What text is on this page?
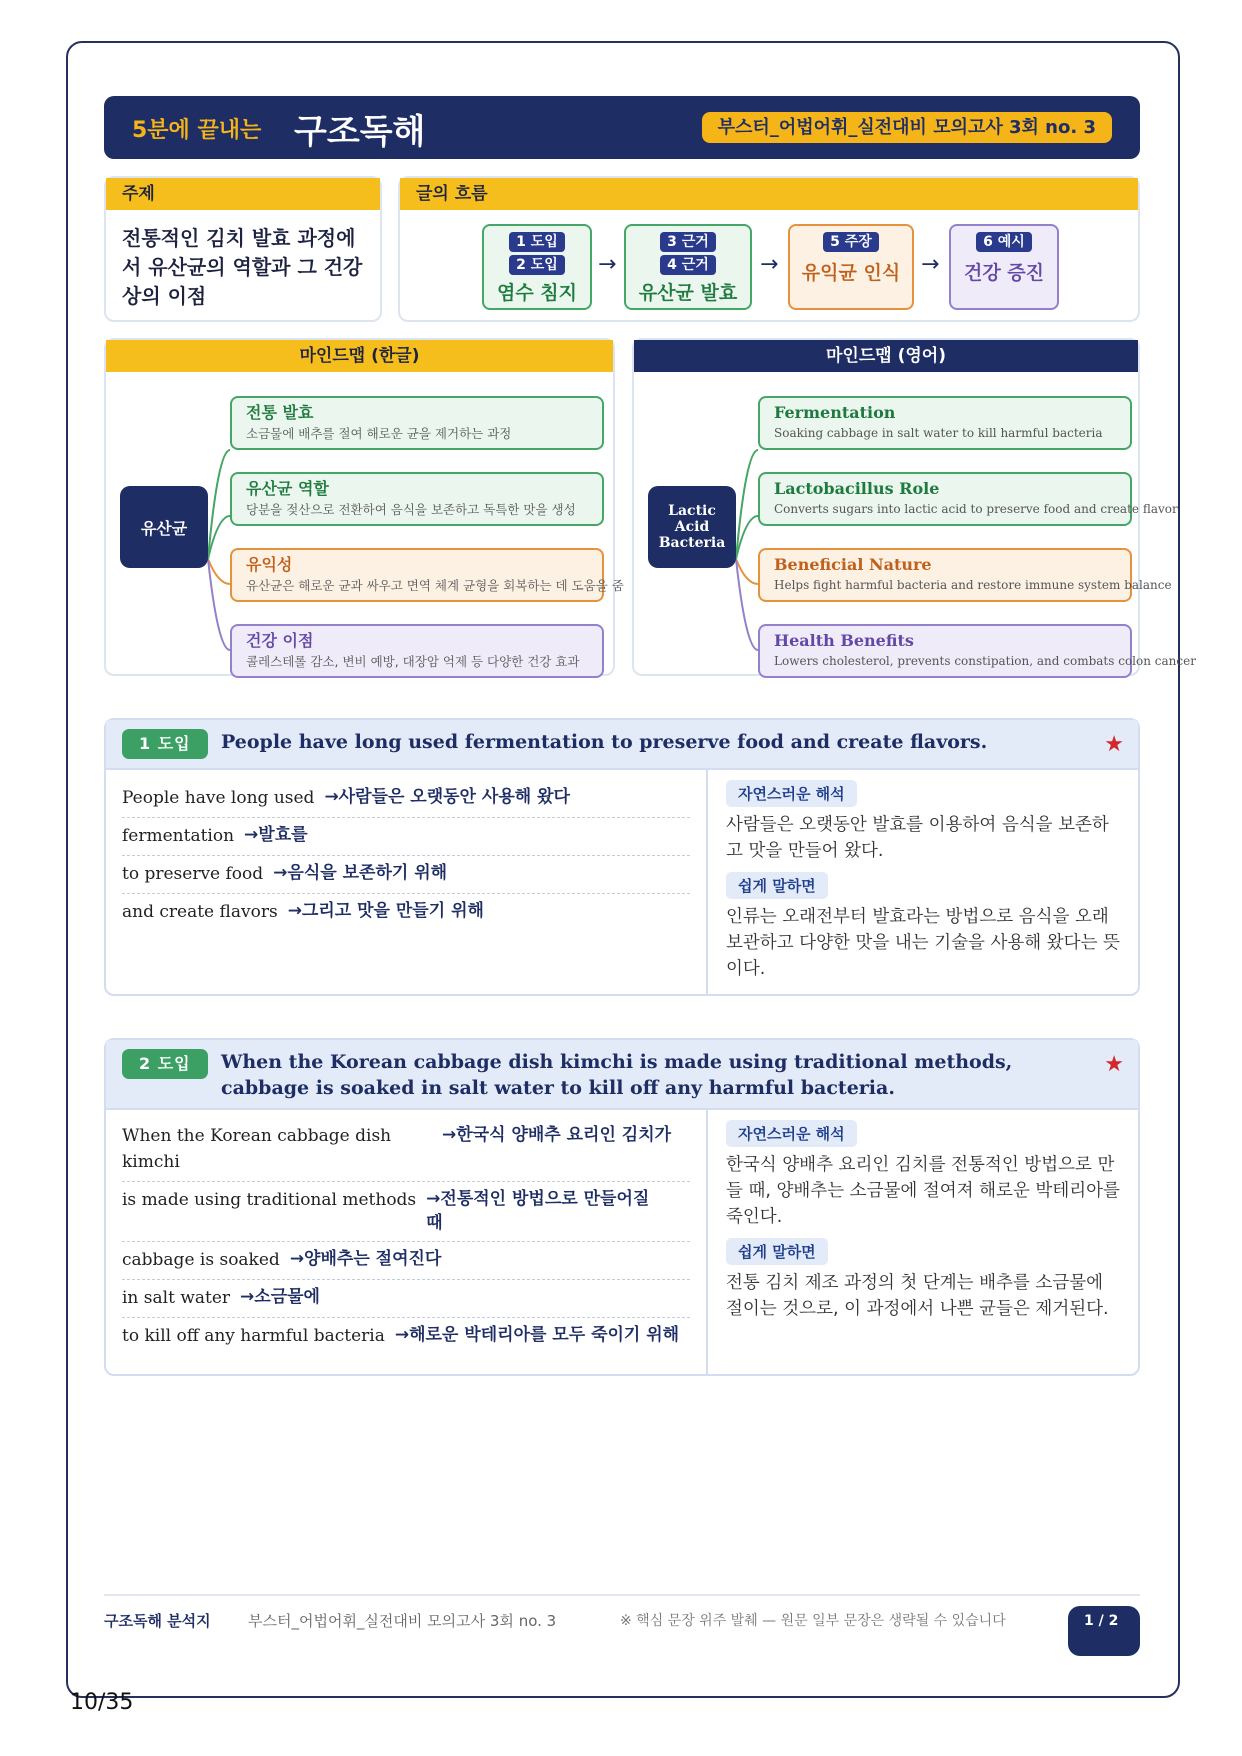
10/35
5분에 끝내는 구조독해	부스터_어법어휘_실전대비 모의고사 3회 no. 3
주제
전통적인 김치 발효 과정에서 유산균의 역할과 그 건강상의 이점
글의 흐름
1 도입
2 도입
염수 침지
→
3 근거
4 근거
유산균 발효
→
5 주장
유익균 인식 →
6 예시
건강 증진
마인드맵 (한글)
유산균
전통 발효
소금물에 배추를 절여 해로운 균을 제거하는 과정
유산균 역할
당분을 젖산으로 전환하여 음식을 보존하고 독특한 맛을 생성
유익성
유산균은 해로운 균과 싸우고 면역 체계 균형을 회복하는 데 도움을 줌
건강 이점
콜레스테롤 감소, 변비 예방, 대장암 억제 등 다양한 건강 효과
마인드맵 (영어)
Lactic Acid Bacteria
Fermentation
Soaking cabbage in salt water to kill harmful bacteria
Lactobacillus Role
Converts sugars into lactic acid to preserve food and create flavor
Beneficial Nature
Helps fight harmful bacteria and restore immune system balance
Health Benefits
Lowers cholesterol, prevents constipation, and combats colon cancer
1 도입	People have long used fermentation to preserve food and create flavors.	★
People have long used →사람들은 오랫동안 사용해 왔다
fermentation →발효를
to preserve food →음식을 보존하기 위해
and create flavors →그리고 맛을 만들기 위해
자연스러운 해석
사람들은 오랫동안 발효를 이용하여 음식을 보존하고 맛을 만들어 왔다.
쉽게 말하면
인류는 오래전부터 발효라는 방법으로 음식을 오래 보관하고 다양한 맛을 내는 기술을 사용해 왔다는 뜻이다.
2 도입	When the Korean cabbage dish kimchi is made using traditional methods, cabbage is soaked in salt water to kill off any harmful bacteria.
★
When the Korean cabbage dish kimchi
→한국식 양배추 요리인 김치가
is made using traditional methods →전통적인 방법으로 만들어질 때
cabbage is soaked →양배추는 절여진다
in salt water →소금물에
to kill off any harmful bacteria →해로운 박테리아를 모두 죽이기 위해
자연스러운 해석
한국식 양배추 요리인 김치를 전통적인 방법으로 만들 때, 양배추는 소금물에 절여져 해로운 박테리아를 죽인다.
쉽게 말하면
전통 김치 제조 과정의 첫 단계는 배추를 소금물에 절이는 것으로, 이 과정에서 나쁜 균들은 제거된다.
구조독해 분석지 부스터_어법어휘_실전대비 모의고사 3회 no. 3	※ 핵심 문장 위주 발췌 — 원문 일부 문장은 생략될 수 있습니다	1 / 2
